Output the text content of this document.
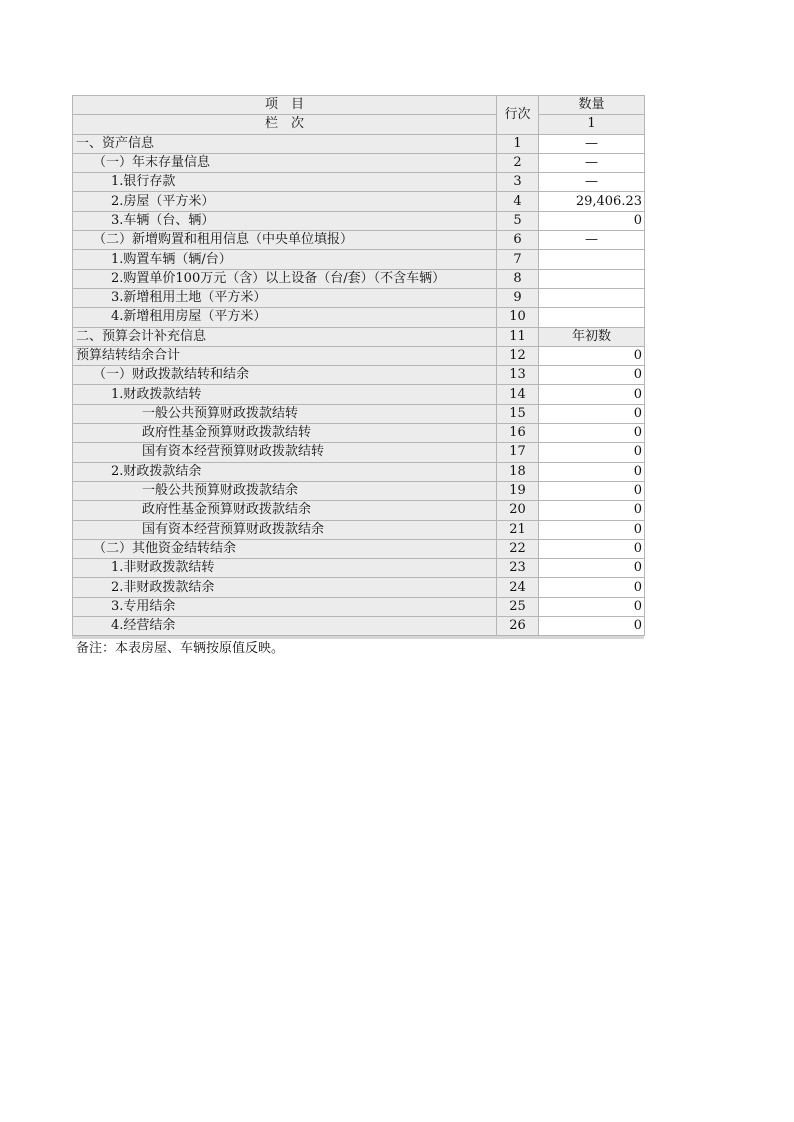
项　目	行次	数量
栏　次		1
一、资产信息	1	—
（一）年末存量信息	2	—
1.银行存款	3	—
2.房屋（平方米）	4	29,406.23
3.车辆（台、辆）	5	0
（二）新增购置和租用信息（中央单位填报）	6	—
1.购置车辆（辆/台）	7	
2.购置单价100万元（含）以上设备（台/套）（不含车辆）	8	
3.新增租用土地（平方米）	9	
4.新增租用房屋（平方米）	10	
二、预算会计补充信息	11	年初数
预算结转结余合计	12	0
（一）财政拨款结转和结余	13	0
1.财政拨款结转	14	0
一般公共预算财政拨款结转	15	0
政府性基金预算财政拨款结转	16	0
国有资本经营预算财政拨款结转	17	0
2.财政拨款结余	18	0
一般公共预算财政拨款结余	19	0
政府性基金预算财政拨款结余	20	0
国有资本经营预算财政拨款结余	21	0
（二）其他资金结转结余	22	0
1.非财政拨款结转	23	0
2.非财政拨款结余	24	0
3.专用结余	25	0
4.经营结余	26	0
备注：本表房屋、车辆按原值反映。
